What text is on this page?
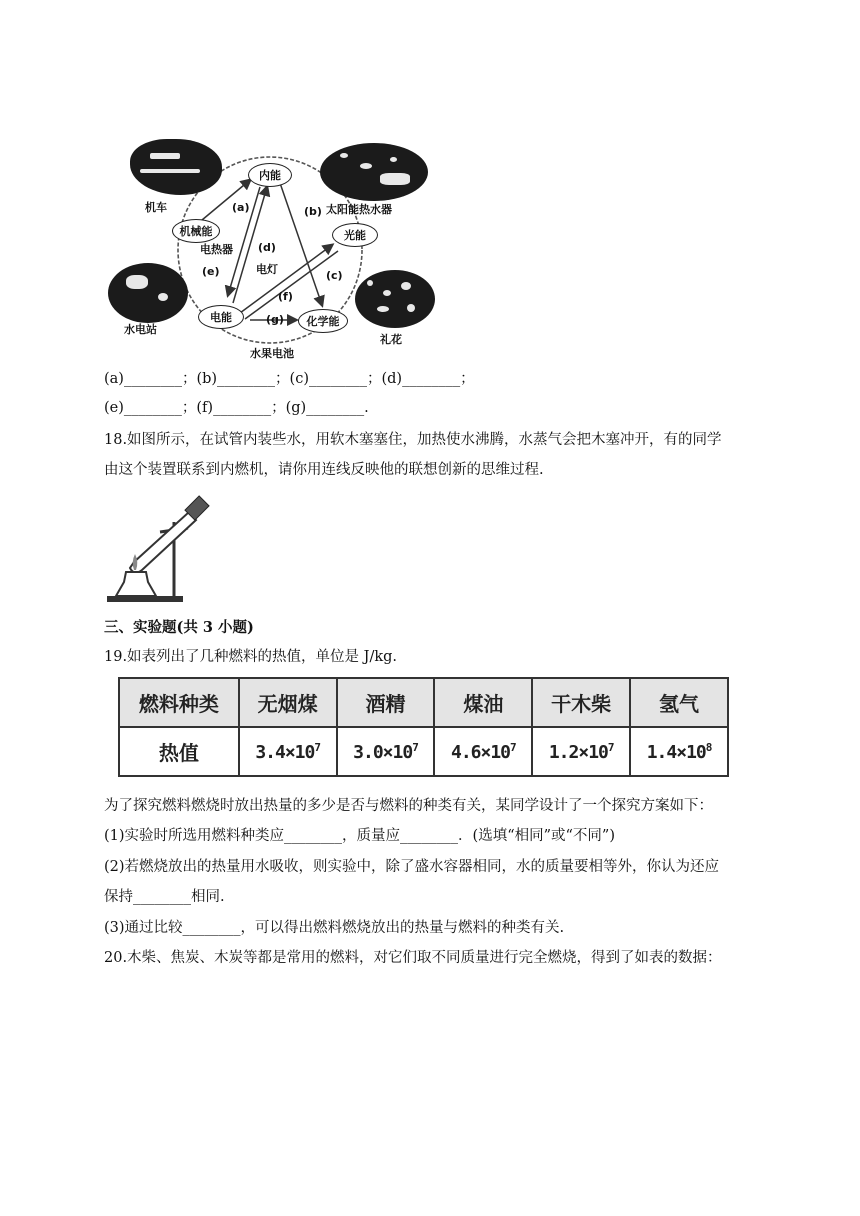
内能
机械能	光能
电能	化学能
(a)	(b)
(c)
(d)
(e)
(f)
(g)
电热器
电灯
水果电池
机车	太阳能热水器
水电站
礼花
(a)________；(b)________；(c)________；(d)________；
(e)________；(f)________；(g)________.
18.如图所示，在试管内装些水，用软木塞塞住，加热使水沸腾，水蒸气会把木塞冲开，有的同学
由这个装置联系到内燃机，请你用连线反映他的联想创新的思维过程.
三、实验题(共 3 小题)
19.如表列出了几种燃料的热值，单位是 J/kg.
燃料种类	无烟煤	酒精	煤油	干木柴	氢气
热值	$3.4\times 10^7$	$3.0\times 10^7$	$4.6\times 10^7$	$1.2\times 10^7$	$1.4\times 10^8$
为了探究燃料燃烧时放出热量的多少是否与燃料的种类有关，某同学设计了一个探究方案如下：
(1)实验时所选用燃料种类应________，质量应________．(选填“相同”或“不同”)
(2)若燃烧放出的热量用水吸收，则实验中，除了盛水容器相同，水的质量要相等外，你认为还应
保持________相同.
(3)通过比较________，可以得出燃料燃烧放出的热量与燃料的种类有关.
20.木柴、焦炭、木炭等都是常用的燃料，对它们取不同质量进行完全燃烧，得到了如表的数据：
